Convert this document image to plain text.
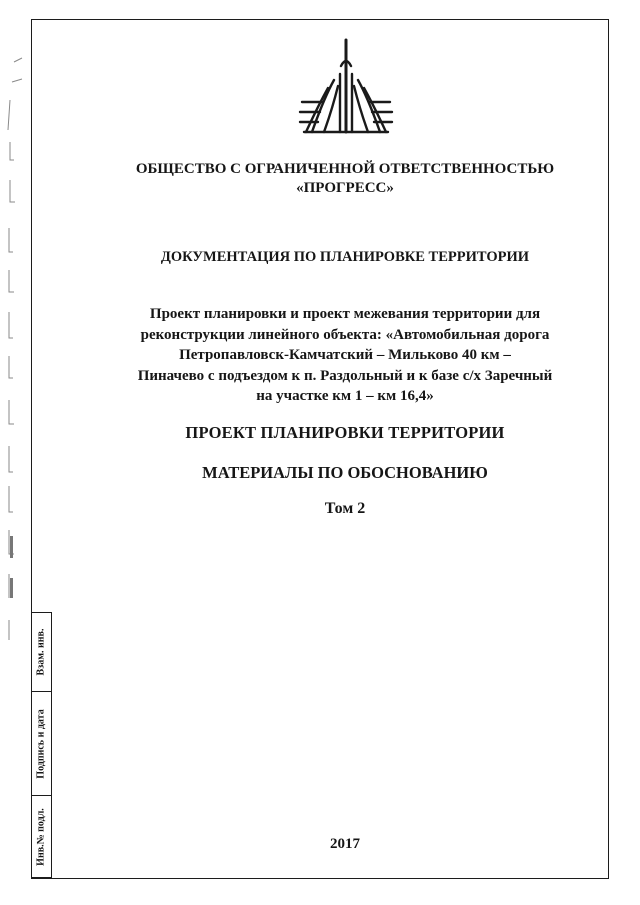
ОБЩЕСТВО С ОГРАНИЧЕННОЙ ОТВЕТСТВЕННОСТЬЮ
«ПРОГРЕСС»
ДОКУМЕНТАЦИЯ ПО ПЛАНИРОВКЕ ТЕРРИТОРИИ
Проект планировки и проект межевания территории для
реконструкции линейного объекта: «Автомобильная дорога
Петропавловск-Камчатский – Мильково 40 км –
Пиначево с подъездом к п. Раздольный и к базе с/х Заречный
на участке км 1 – км 16,4»
ПРОЕКТ ПЛАНИРОВКИ ТЕРРИТОРИИ
МАТЕРИАЛЫ ПО ОБОСНОВАНИЮ
Том 2
2017
Взам. инв.
Подпись и дата
Инв.№ подл.
